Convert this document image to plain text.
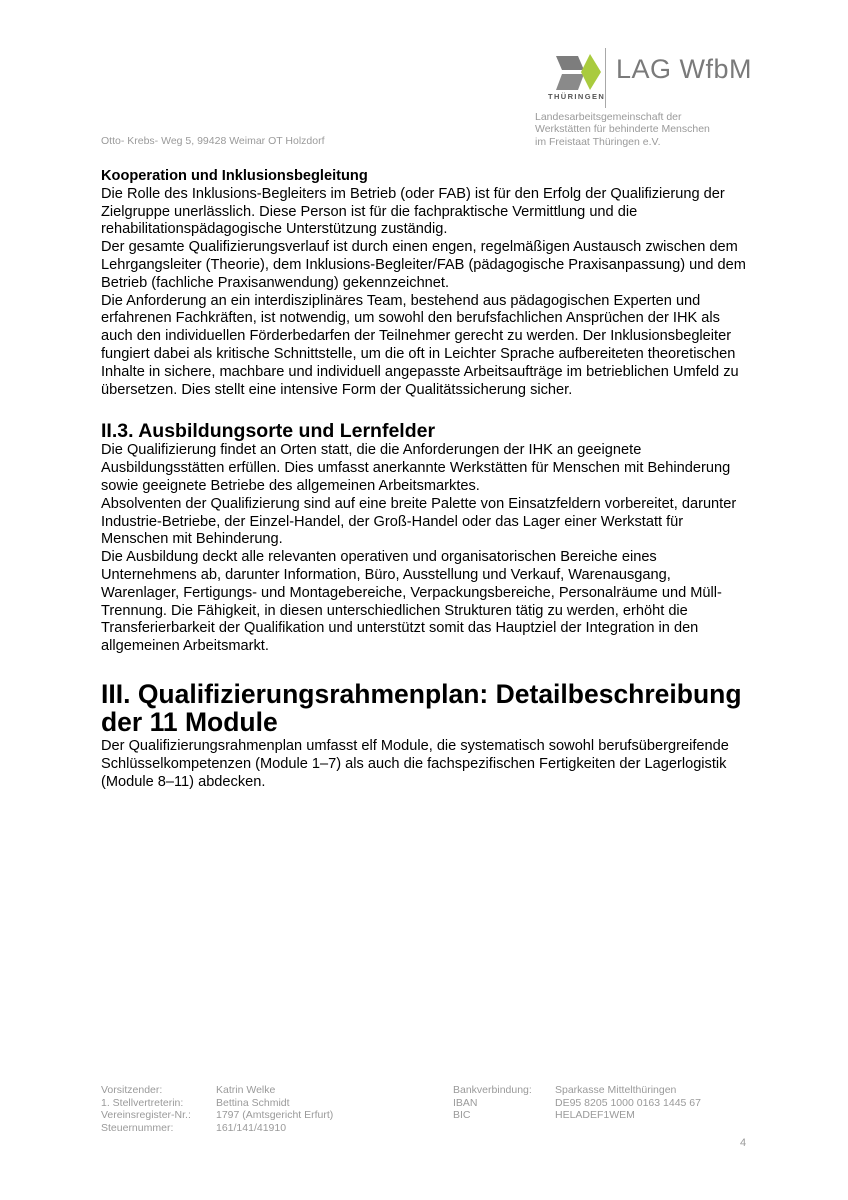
Otto- Krebs- Weg 5, 99428 Weimar OT Holzdorf
THÜRINGEN
LAG WfbM
Landesarbeitsgemeinschaft der
Werkstätten für behinderte Menschen
im Freistaat Thüringen e.V.
Kooperation und Inklusionsbegleitung

Die Rolle des Inklusions-Begleiters im Betrieb (oder FAB) ist für den Erfolg der Qualifizierung der Zielgruppe unerlässlich. Diese Person ist für die fachpraktische Vermittlung und die rehabilitationspädagogische Unterstützung zuständig.

Der gesamte Qualifizierungsverlauf ist durch einen engen, regelmäßigen Austausch zwischen dem Lehrgangsleiter (Theorie), dem Inklusions-Begleiter/FAB (pädagogische Praxisanpassung) und dem Betrieb (fachliche Praxisanwendung) gekennzeichnet.

Die Anforderung an ein interdisziplinäres Team, bestehend aus pädagogischen Experten und erfahrenen Fachkräften, ist notwendig, um sowohl den berufsfachlichen Ansprüchen der IHK als auch den individuellen Förderbedarfen der Teilnehmer gerecht zu werden. Der Inklusionsbegleiter fungiert dabei als kritische Schnittstelle, um die oft in Leichter Sprache aufbereiteten theoretischen Inhalte in sichere, machbare und individuell angepasste Arbeitsaufträge im betrieblichen Umfeld zu übersetzen. Dies stellt eine intensive Form der Qualitätssicherung sicher.

II.3. Ausbildungsorte und Lernfelder

Die Qualifizierung findet an Orten statt, die die Anforderungen der IHK an geeignete Ausbildungsstätten erfüllen. Dies umfasst anerkannte Werkstätten für Menschen mit Behinderung sowie geeignete Betriebe des allgemeinen Arbeitsmarktes.

Absolventen der Qualifizierung sind auf eine breite Palette von Einsatzfeldern vorbereitet, darunter Industrie-Betriebe, der Einzel-Handel, der Groß-Handel oder das Lager einer Werkstatt für Menschen mit Behinderung.

Die Ausbildung deckt alle relevanten operativen und organisatorischen Bereiche eines Unternehmens ab, darunter Information, Büro, Ausstellung und Verkauf, Warenausgang, Warenlager, Fertigungs- und Montagebereiche, Verpackungsbereiche, Personalräume und Müll-Trennung. Die Fähigkeit, in diesen unterschiedlichen Strukturen tätig zu werden, erhöht die Transferierbarkeit der Qualifikation und unterstützt somit das Hauptziel der Integration in den allgemeinen Arbeitsmarkt.

III. Qualifizierungsrahmenplan: Detailbeschreibung der 11 Module

Der Qualifizierungsrahmenplan umfasst elf Module, die systematisch sowohl berufsübergreifende Schlüsselkompetenzen (Module 1–7) als auch die fachspezifischen Fertigkeiten der Lagerlogistik (Module 8–11) abdecken.

Vorsitzender:
1. Stellvertreterin:
Vereinsregister-Nr.:
Steuernummer:
Katrin Welke
Bettina Schmidt
1797 (Amtsgericht Erfurt)
161/141/41910
Bankverbindung:
IBAN
BIC
Sparkasse Mittelthüringen
DE95 8205 1000 0163 1445 67
HELADEF1WEM
4
